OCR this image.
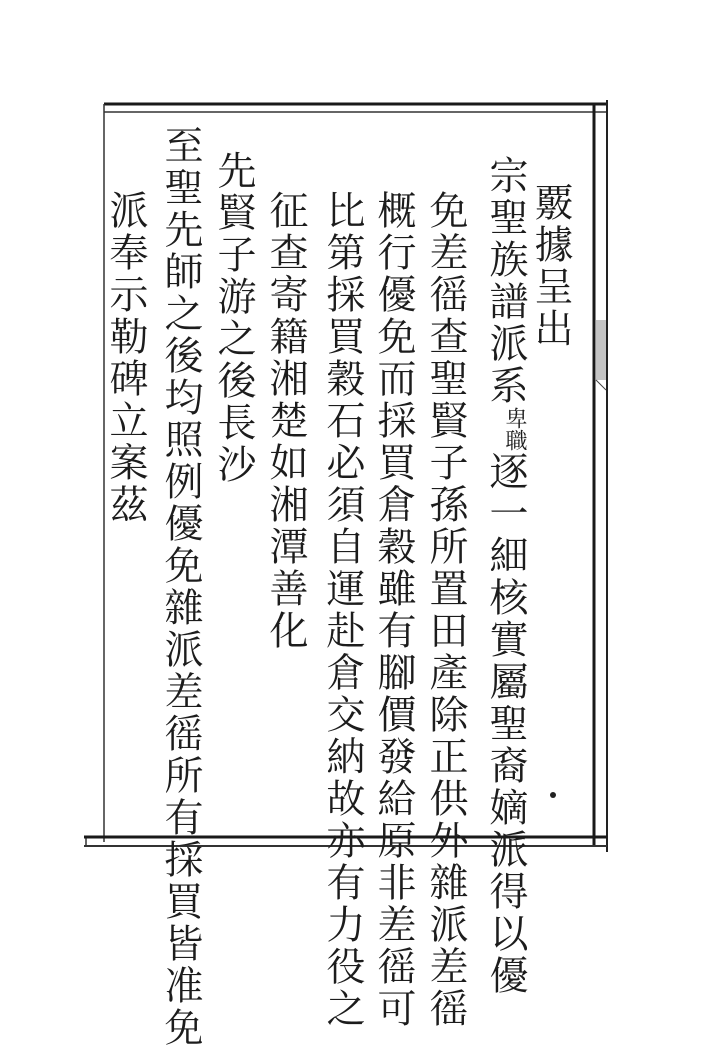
覈據呈出
宗聖族譜派系$^{卑職}$逐一細核實屬聖裔嫡派得以優
免差徭查聖賢子孫所置田產除正供外雜派差徭
概行優免而採買倉穀雖有腳價發給原非差徭可
比第採買穀石必須自運赴倉交納故亦有力役之
征查寄籍湘楚如湘潭善化
先賢子游之後長沙
至聖先師之後均照例優免雜派差徭所有採買皆准免
派奉示勒碑立案茲
